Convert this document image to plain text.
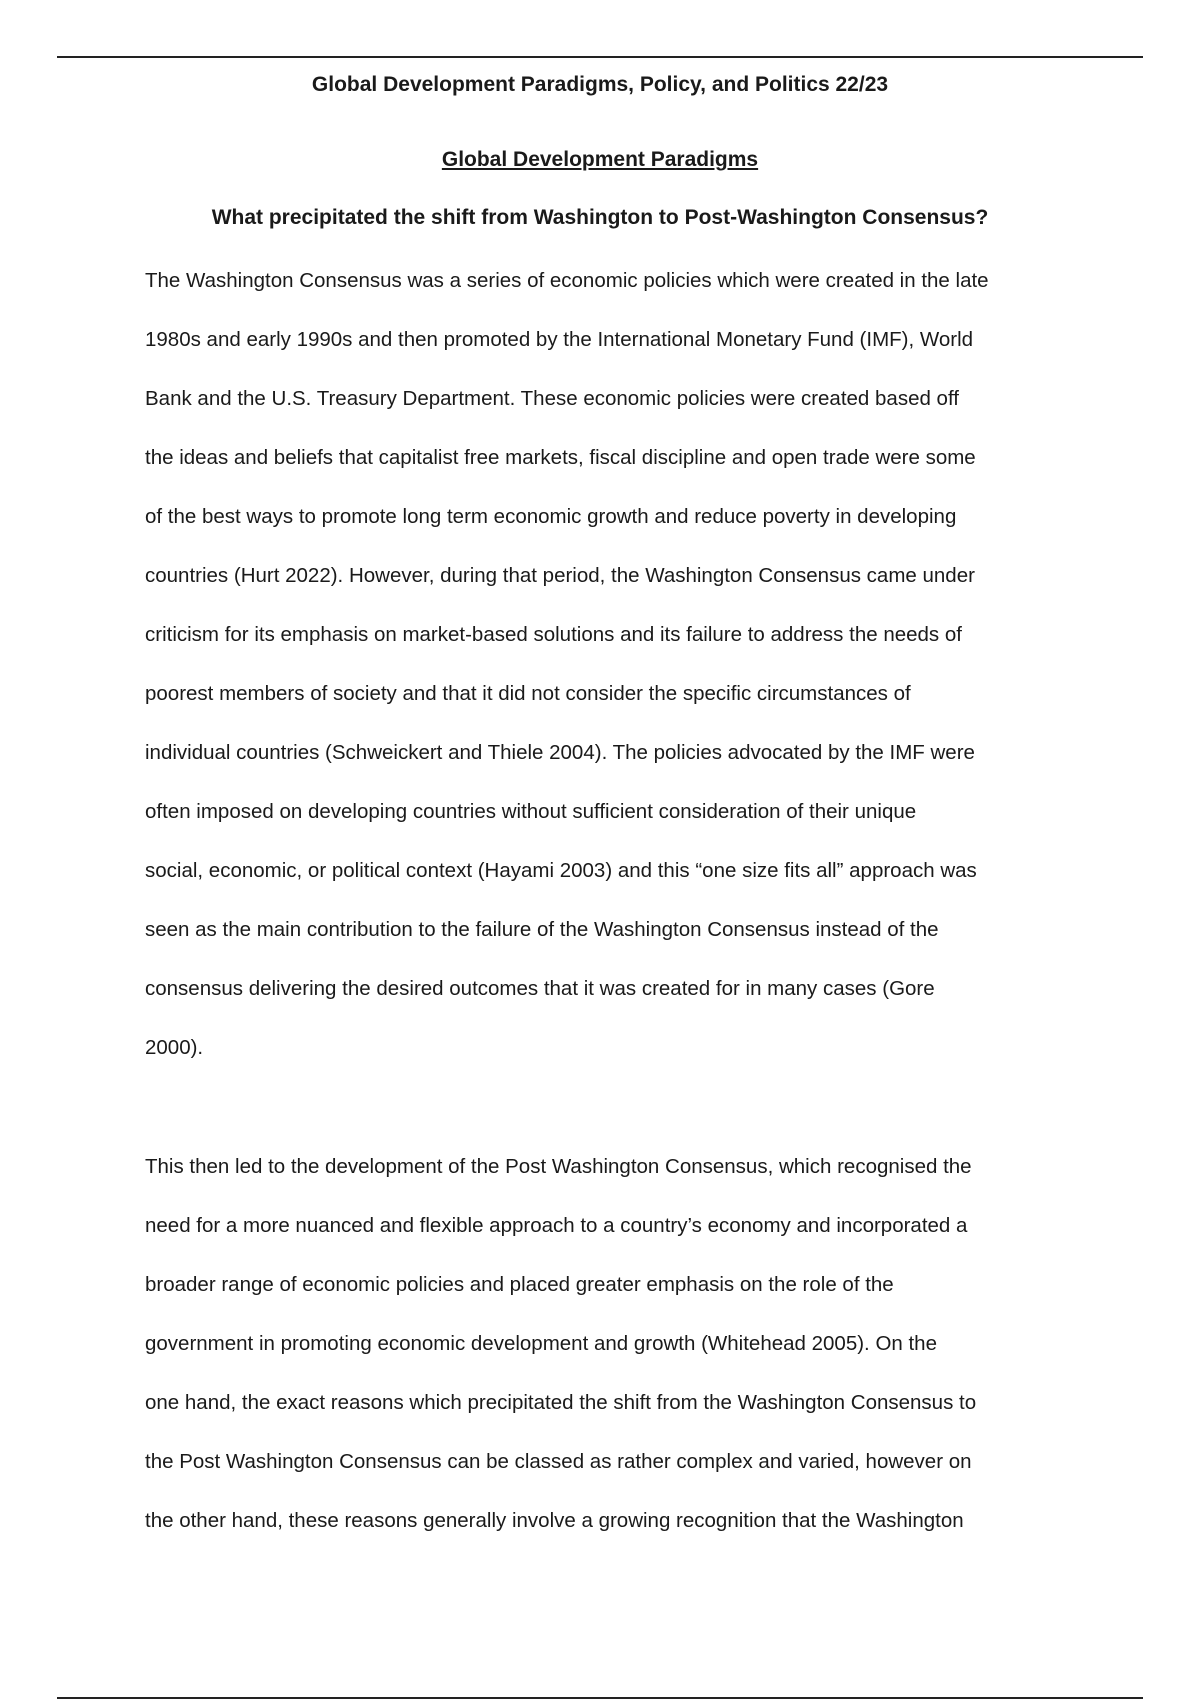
Global Development Paradigms, Policy, and Politics 22/23
Global Development Paradigms
What precipitated the shift from Washington to Post-Washington Consensus?
The Washington Consensus was a series of economic policies which were created in the late
1980s and early 1990s and then promoted by the International Monetary Fund (IMF), World
Bank and the U.S. Treasury Department. These economic policies were created based off
the ideas and beliefs that capitalist free markets, fiscal discipline and open trade were some
of the best ways to promote long term economic growth and reduce poverty in developing
countries (Hurt 2022). However, during that period, the Washington Consensus came under
criticism for its emphasis on market-based solutions and its failure to address the needs of
poorest members of society and that it did not consider the specific circumstances of
individual countries (Schweickert and Thiele 2004). The policies advocated by the IMF were
often imposed on developing countries without sufficient consideration of their unique
social, economic, or political context (Hayami 2003) and this “one size fits all” approach was
seen as the main contribution to the failure of the Washington Consensus instead of the
consensus delivering the desired outcomes that it was created for in many cases (Gore
2000).
This then led to the development of the Post Washington Consensus, which recognised the
need for a more nuanced and flexible approach to a country’s economy and incorporated a
broader range of economic policies and placed greater emphasis on the role of the
government in promoting economic development and growth (Whitehead 2005). On the
one hand, the exact reasons which precipitated the shift from the Washington Consensus to
the Post Washington Consensus can be classed as rather complex and varied, however on
the other hand, these reasons generally involve a growing recognition that the Washington
